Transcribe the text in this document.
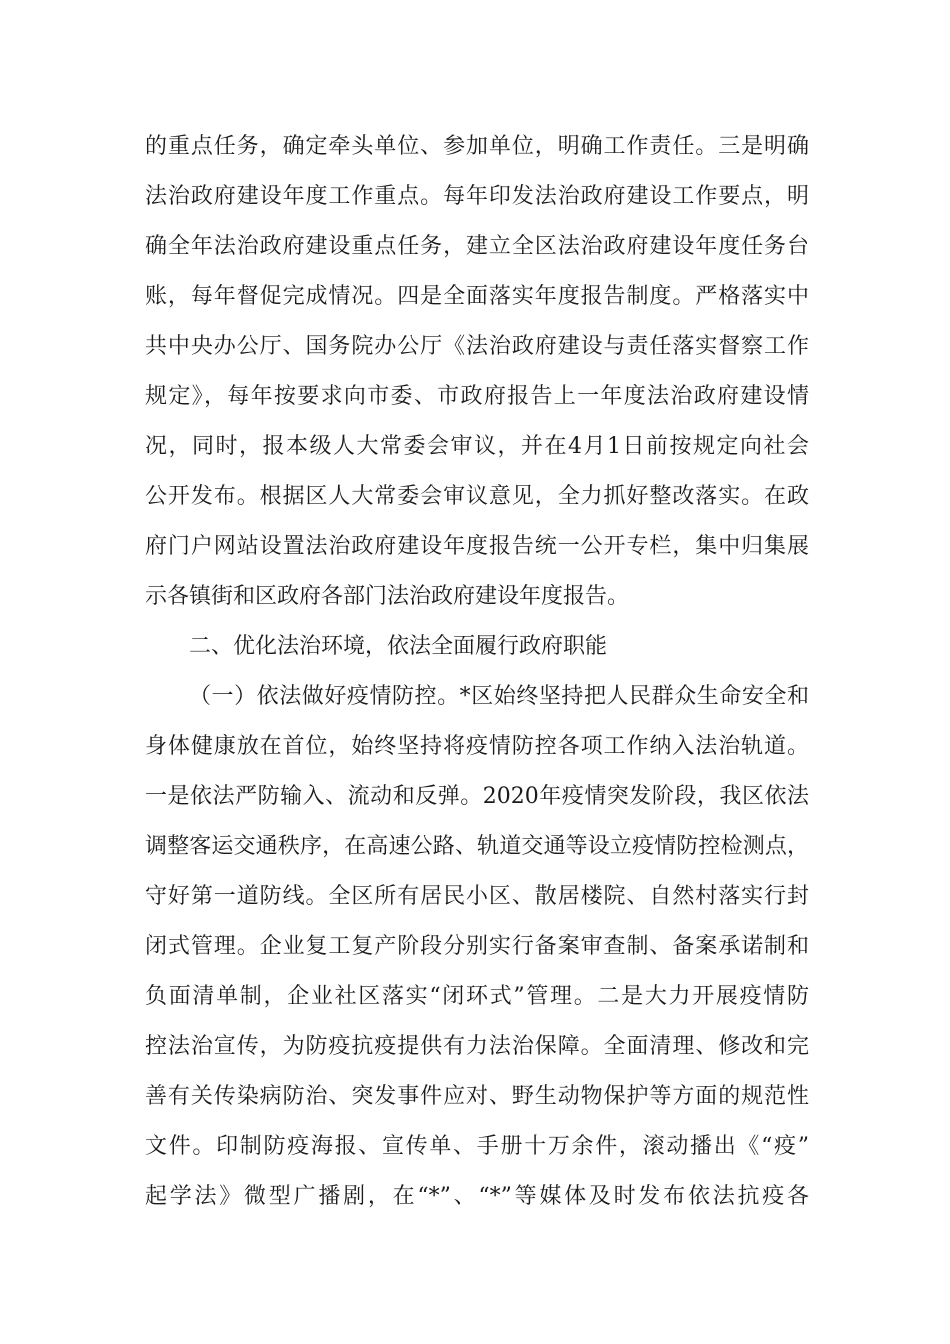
的重点任务，确定牵头单位、参加单位，明确工作责任。三是明确
法治政府建设年度工作重点。每年印发法治政府建设工作要点，明
确全年法治政府建设重点任务，建立全区法治政府建设年度任务台
账，每年督促完成情况。四是全面落实年度报告制度。严格落实中
共中央办公厅、国务院办公厅《法治政府建设与责任落实督察工作
规定》，每年按要求向市委、市政府报告上一年度法治政府建设情
况，同时，报本级人大常委会审议，并在4月1日前按规定向社会
公开发布。根据区人大常委会审议意见，全力抓好整改落实。在政
府门户网站设置法治政府建设年度报告统一公开专栏，集中归集展
示各镇街和区政府各部门法治政府建设年度报告。
二、优化法治环境，依法全面履行政府职能
（一）依法做好疫情防控。*区始终坚持把人民群众生命安全和
身体健康放在首位，始终坚持将疫情防控各项工作纳入法治轨道。
一是依法严防输入、流动和反弹。2020年疫情突发阶段，我区依法
调整客运交通秩序，在高速公路、轨道交通等设立疫情防控检测点，
守好第一道防线。全区所有居民小区、散居楼院、自然村落实行封
闭式管理。企业复工复产阶段分别实行备案审查制、备案承诺制和
负面清单制，企业社区落实“闭环式”管理。二是大力开展疫情防
控法治宣传，为防疫抗疫提供有力法治保障。全面清理、修改和完
善有关传染病防治、突发事件应对、野生动物保护等方面的规范性
文件。印制防疫海报、宣传单、手册十万余件，滚动播出《“疫”
起学法》微型广播剧，在“*”、“*”等媒体及时发布依法抗疫各
